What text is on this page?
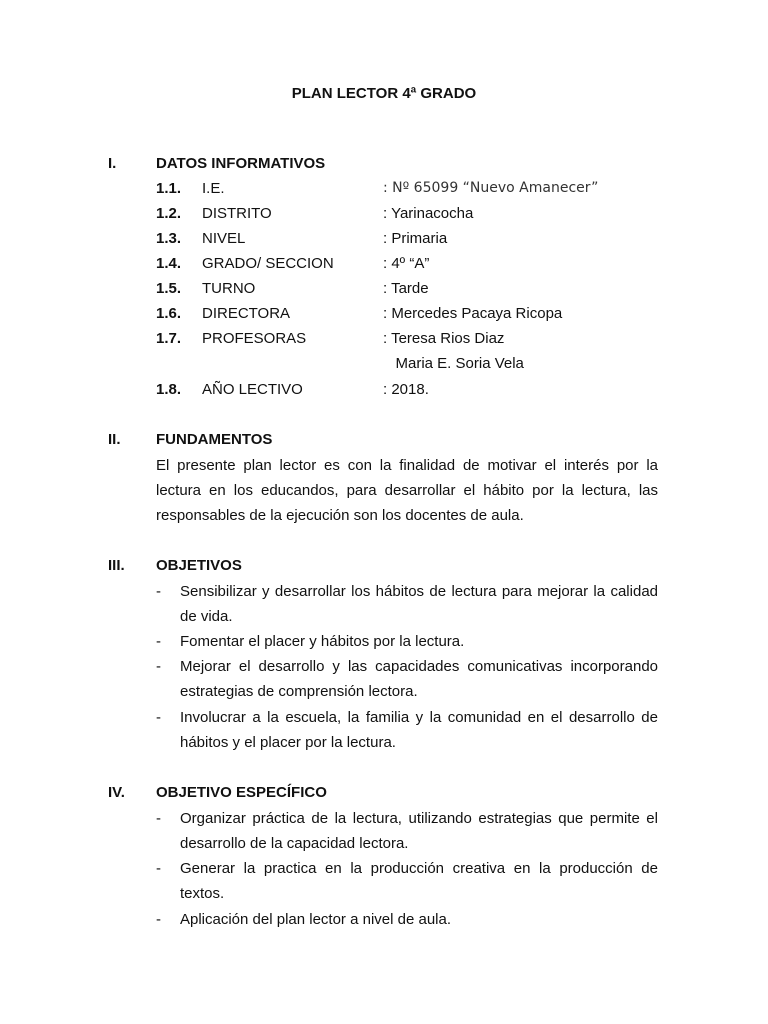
PLAN LECTOR 4ª GRADO
I.	DATOS INFORMATIVOS
1.1. I.E.	: Nº 65099 “Nuevo Amanecer”
1.2. DISTRITO	: Yarinacocha
1.3. NIVEL	: Primaria
1.4. GRADO/ SECCION	: 4º “A”
1.5. TURNO	: Tarde
1.6. DIRECTORA	: Mercedes Pacaya Ricopa
1.7. PROFESORAS	: Teresa Rios Diaz
Maria E. Soria Vela
1.8. AÑO LECTIVO	: 2018.
II. FUNDAMENTOS
El presente plan lector es con la finalidad de motivar el interés por la lectura en los educandos, para desarrollar el hábito por la lectura, las responsables de la ejecución son los docentes de aula.
III. OBJETIVOS
- Sensibilizar y desarrollar los hábitos de lectura para mejorar la calidad de vida.
- Fomentar el placer y hábitos por la lectura.
- Mejorar el desarrollo y las capacidades comunicativas incorporando estrategias de comprensión lectora.
- Involucrar a la escuela, la familia y la comunidad en el desarrollo de hábitos y el placer por la lectura.
IV. OBJETIVO ESPECÍFICO
- Organizar práctica de la lectura, utilizando estrategias que permite el desarrollo de la capacidad lectora.
- Generar la practica en la producción creativa en la producción de textos.
- Aplicación del plan lector a nivel de aula.
